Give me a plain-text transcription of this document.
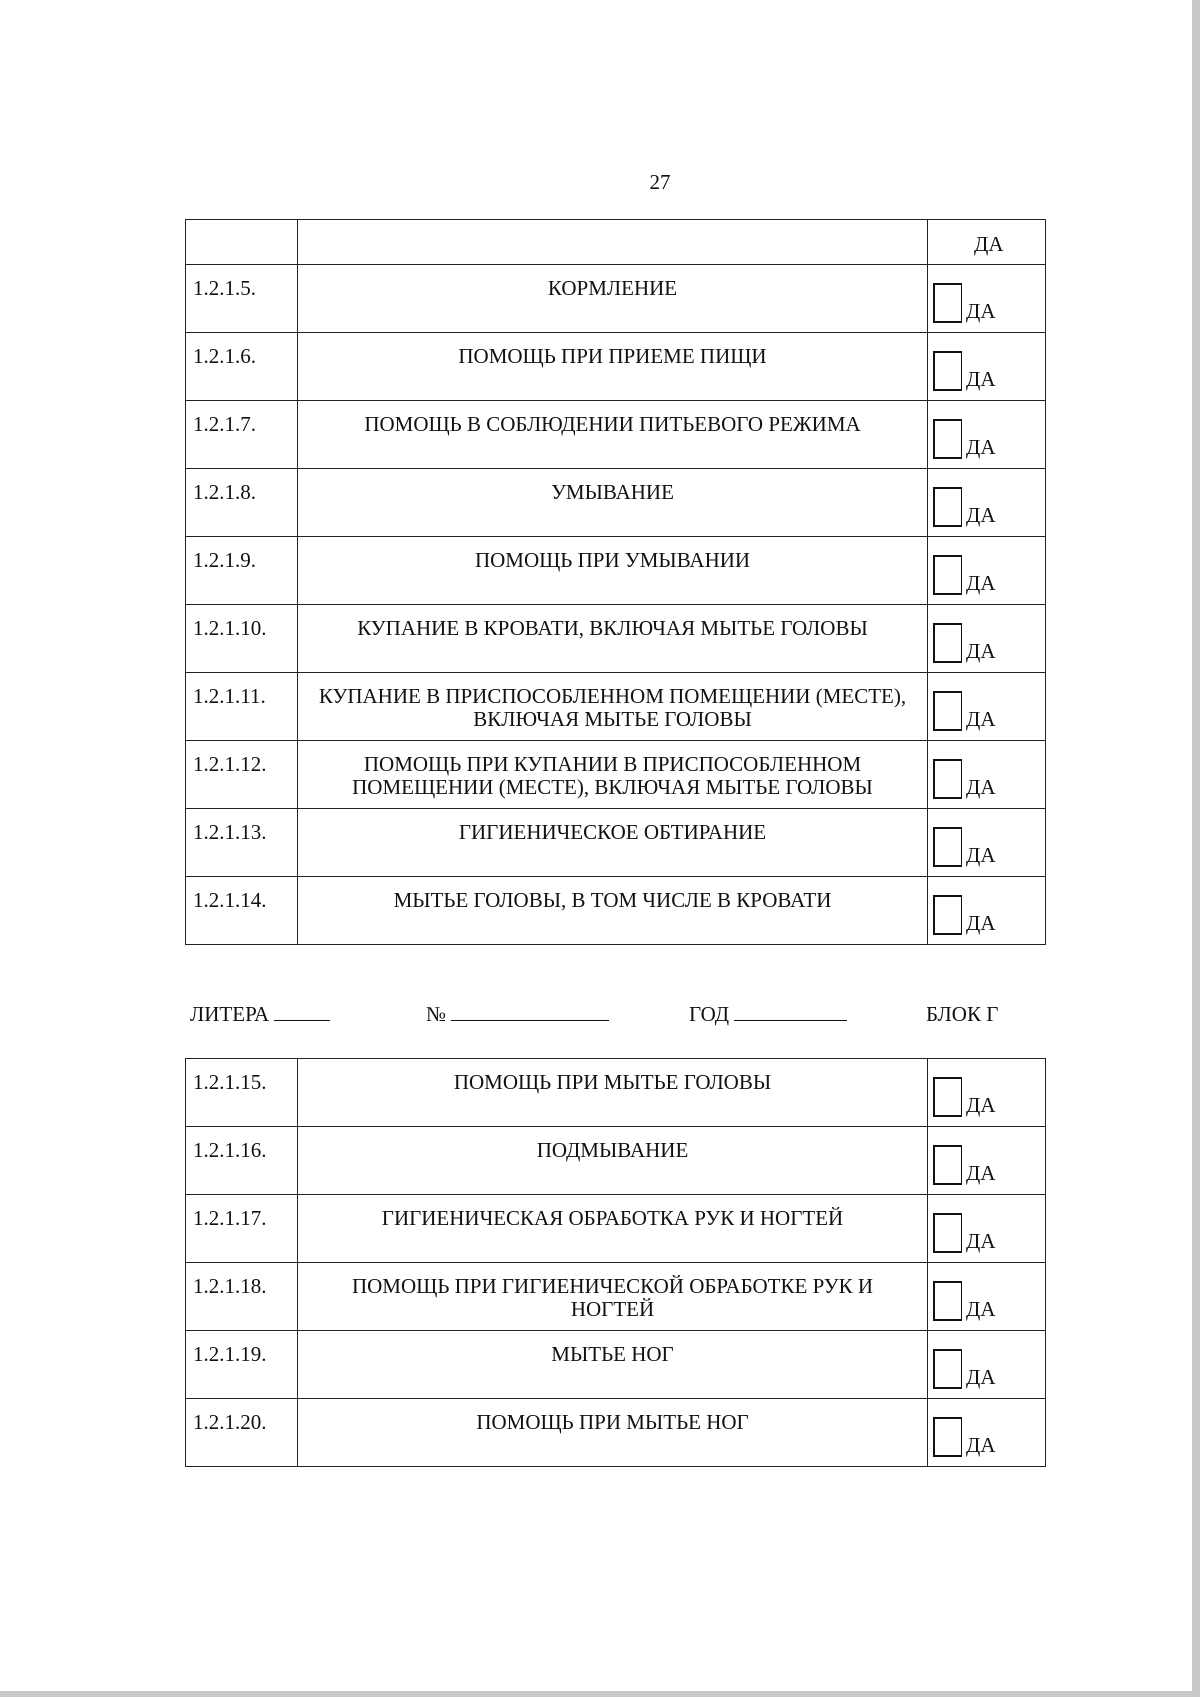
27

		ДА

1.2.1.5.	КОРМЛЕНИЕ	ДА

1.2.1.6.	ПОМОЩЬ ПРИ ПРИЕМЕ ПИЩИ	ДА

1.2.1.7.	ПОМОЩЬ В СОБЛЮДЕНИИ ПИТЬЕВОГО РЕЖИМА	ДА

1.2.1.8.	УМЫВАНИЕ	ДА

1.2.1.9.	ПОМОЩЬ ПРИ УМЫВАНИИ	ДА

1.2.1.10.	КУПАНИЕ В КРОВАТИ, ВКЛЮЧАЯ МЫТЬЕ ГОЛОВЫ	ДА

1.2.1.11.	КУПАНИЕ В ПРИСПОСОБЛЕННОМ ПОМЕЩЕНИИ (МЕСТЕ), ВКЛЮЧАЯ МЫТЬЕ ГОЛОВЫ	ДА

1.2.1.12.	ПОМОЩЬ ПРИ КУПАНИИ В ПРИСПОСОБЛЕННОМ ПОМЕЩЕНИИ (МЕСТЕ), ВКЛЮЧАЯ МЫТЬЕ ГОЛОВЫ	ДА

1.2.1.13.	ГИГИЕНИЧЕСКОЕ ОБТИРАНИЕ	ДА

1.2.1.14.	МЫТЬЕ ГОЛОВЫ, В ТОМ ЧИСЛЕ В КРОВАТИ	ДА
ЛИТЕРА	№	ГОД	БЛОК Г
1.2.1.15.	ПОМОЩЬ ПРИ МЫТЬЕ ГОЛОВЫ	ДА

1.2.1.16.	ПОДМЫВАНИЕ	ДА

1.2.1.17.	ГИГИЕНИЧЕСКАЯ ОБРАБОТКА РУК И НОГТЕЙ	ДА

1.2.1.18.	ПОМОЩЬ ПРИ ГИГИЕНИЧЕСКОЙ ОБРАБОТКЕ РУК И НОГТЕЙ	ДА

1.2.1.19.	МЫТЬЕ НОГ	ДА

1.2.1.20.	ПОМОЩЬ ПРИ МЫТЬЕ НОГ	ДА
